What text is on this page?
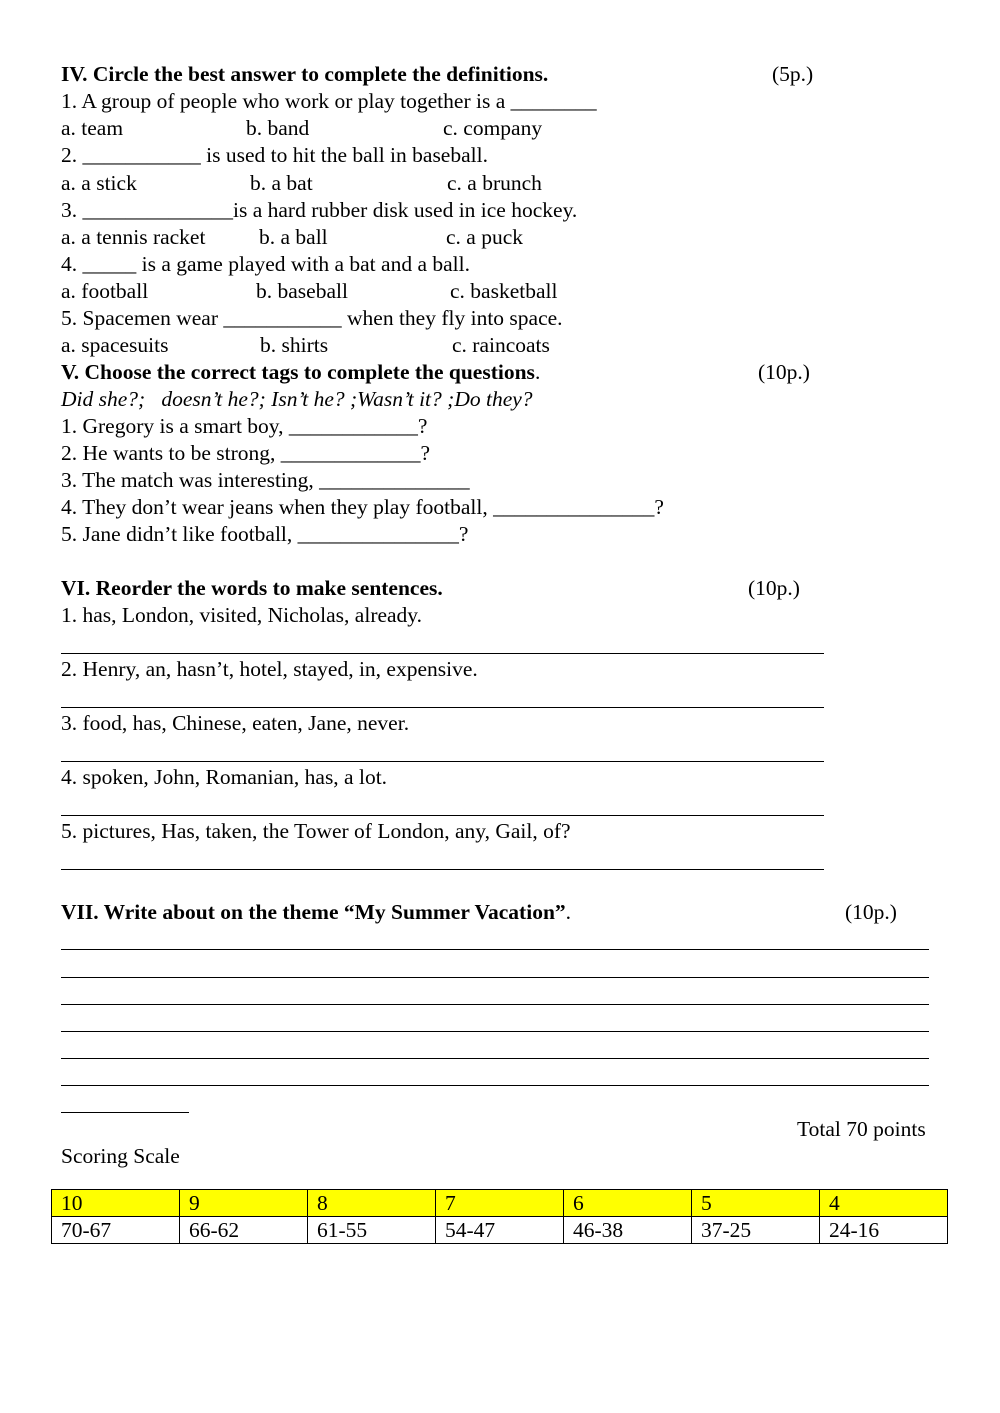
IV. Circle the best answer to complete the definitions.	(5p.)
1. A group of people who work or play together is a ________
a. team	b. band	c. company
2. ___________ is used to hit the ball in baseball.
a. a stick	b. a bat	c. a brunch
3. ______________is a hard rubber disk used in ice hockey.
a. a tennis racket b. a ball	c. a puck
4. _____ is a game played with a bat and a ball.
a. football	b. baseball	c. basketball
5. Spacemen wear ___________ when they fly into space.
a. spacesuits	b. shirts	c. raincoats
V. Choose the correct tags to complete the questions.	(10p.)
Did she?;   doesn’t he?; Isn’t he? ;Wasn’t it? ;Do they?
1. Gregory is a smart boy, ____________?
2. He wants to be strong, _____________?
3. The match was interesting, ______________
4. They don’t wear jeans when they play football, _______________?
5. Jane didn’t like football, _______________?
VI. Reorder the words to make sentences.	(10p.)
1. has, London, visited, Nicholas, already.
2. Henry, an, hasn’t, hotel, stayed, in, expensive.
3. food, has, Chinese, eaten, Jane, never.
4. spoken, John, Romanian, has, a lot.
5. pictures, Has, taken, the Tower of London, any, Gail, of?
VII. Write about on the theme “My Summer Vacation”.	(10p.)
Total 70 points
Scoring Scale
10	9	8	7	6	5	4
70-67	66-62	61-55	54-47	46-38	37-25	24-16
